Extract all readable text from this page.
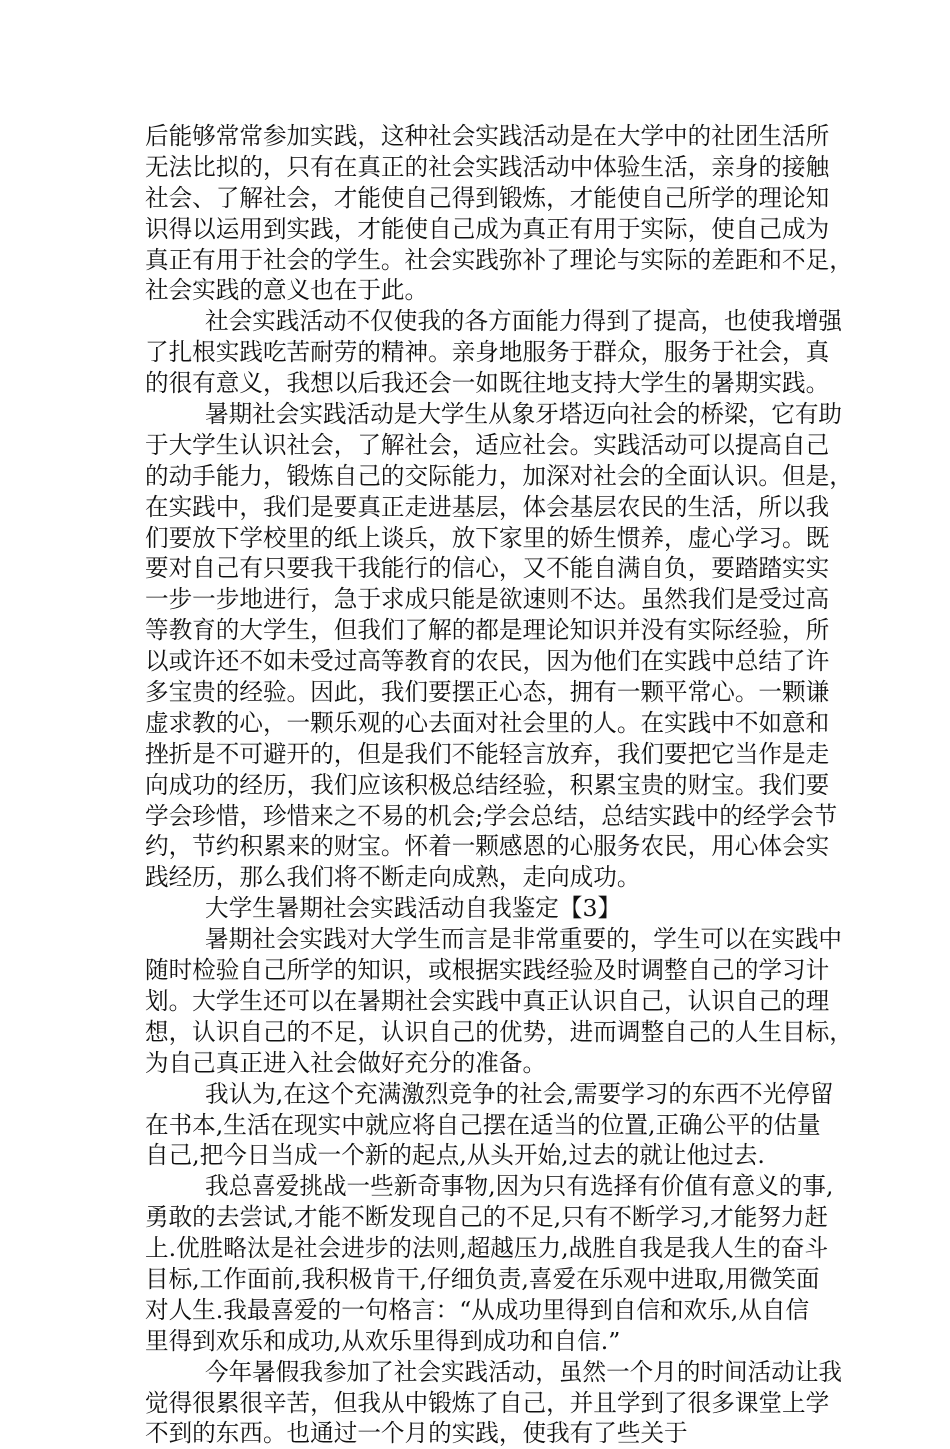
后能够常常参加实践，这种社会实践活动是在大学中的社团生活所
无法比拟的，只有在真正的社会实践活动中体验生活，亲身的接触
社会、了解社会，才能使自己得到锻炼，才能使自己所学的理论知
识得以运用到实践，才能使自己成为真正有用于实际，使自己成为
真正有用于社会的学生。社会实践弥补了理论与实际的差距和不足，
社会实践的意义也在于此。
社会实践活动不仅使我的各方面能力得到了提高，也使我增强
了扎根实践吃苦耐劳的精神。亲身地服务于群众，服务于社会，真
的很有意义，我想以后我还会一如既往地支持大学生的暑期实践。
暑期社会实践活动是大学生从象牙塔迈向社会的桥梁，它有助
于大学生认识社会，了解社会，适应社会。实践活动可以提高自己
的动手能力，锻炼自己的交际能力，加深对社会的全面认识。但是，
在实践中，我们是要真正走进基层，体会基层农民的生活，所以我
们要放下学校里的纸上谈兵，放下家里的娇生惯养，虚心学习。既
要对自己有只要我干我能行的信心，又不能自满自负，要踏踏实实
一步一步地进行，急于求成只能是欲速则不达。虽然我们是受过高
等教育的大学生，但我们了解的都是理论知识并没有实际经验，所
以或许还不如未受过高等教育的农民，因为他们在实践中总结了许
多宝贵的经验。因此，我们要摆正心态，拥有一颗平常心。一颗谦
虚求教的心，一颗乐观的心去面对社会里的人。在实践中不如意和
挫折是不可避开的，但是我们不能轻言放弃，我们要把它当作是走
向成功的经历，我们应该积极总结经验，积累宝贵的财宝。我们要
学会珍惜，珍惜来之不易的机会;学会总结，总结实践中的经学会节
约，节约积累来的财宝。怀着一颗感恩的心服务农民，用心体会实
践经历，那么我们将不断走向成熟，走向成功。
大学生暑期社会实践活动自我鉴定【3】
暑期社会实践对大学生而言是非常重要的，学生可以在实践中
随时检验自己所学的知识，或根据实践经验及时调整自己的学习计
划。大学生还可以在暑期社会实践中真正认识自己，认识自己的理
想，认识自己的不足，认识自己的优势，进而调整自己的人生目标，
为自己真正进入社会做好充分的准备。
我认为,在这个充满激烈竞争的社会,需要学习的东西不光停留
在书本,生活在现实中就应将自己摆在适当的位置,正确公平的估量
自己,把今日当成一个新的起点,从头开始,过去的就让他过去.
我总喜爱挑战一些新奇事物,因为只有选择有价值有意义的事,
勇敢的去尝试,才能不断发现自己的不足,只有不断学习,才能努力赶
上.优胜略汰是社会进步的法则,超越压力,战胜自我是我人生的奋斗
目标,工作面前,我积极肯干,仔细负责,喜爱在乐观中进取,用微笑面
对人生.我最喜爱的一句格言：“从成功里得到自信和欢乐,从自信
里得到欢乐和成功,从欢乐里得到成功和自信.”
今年暑假我参加了社会实践活动，虽然一个月的时间活动让我
觉得很累很辛苦，但我从中锻炼了自己，并且学到了很多课堂上学
不到的东西。也通过一个月的实践，使我有了些关于
